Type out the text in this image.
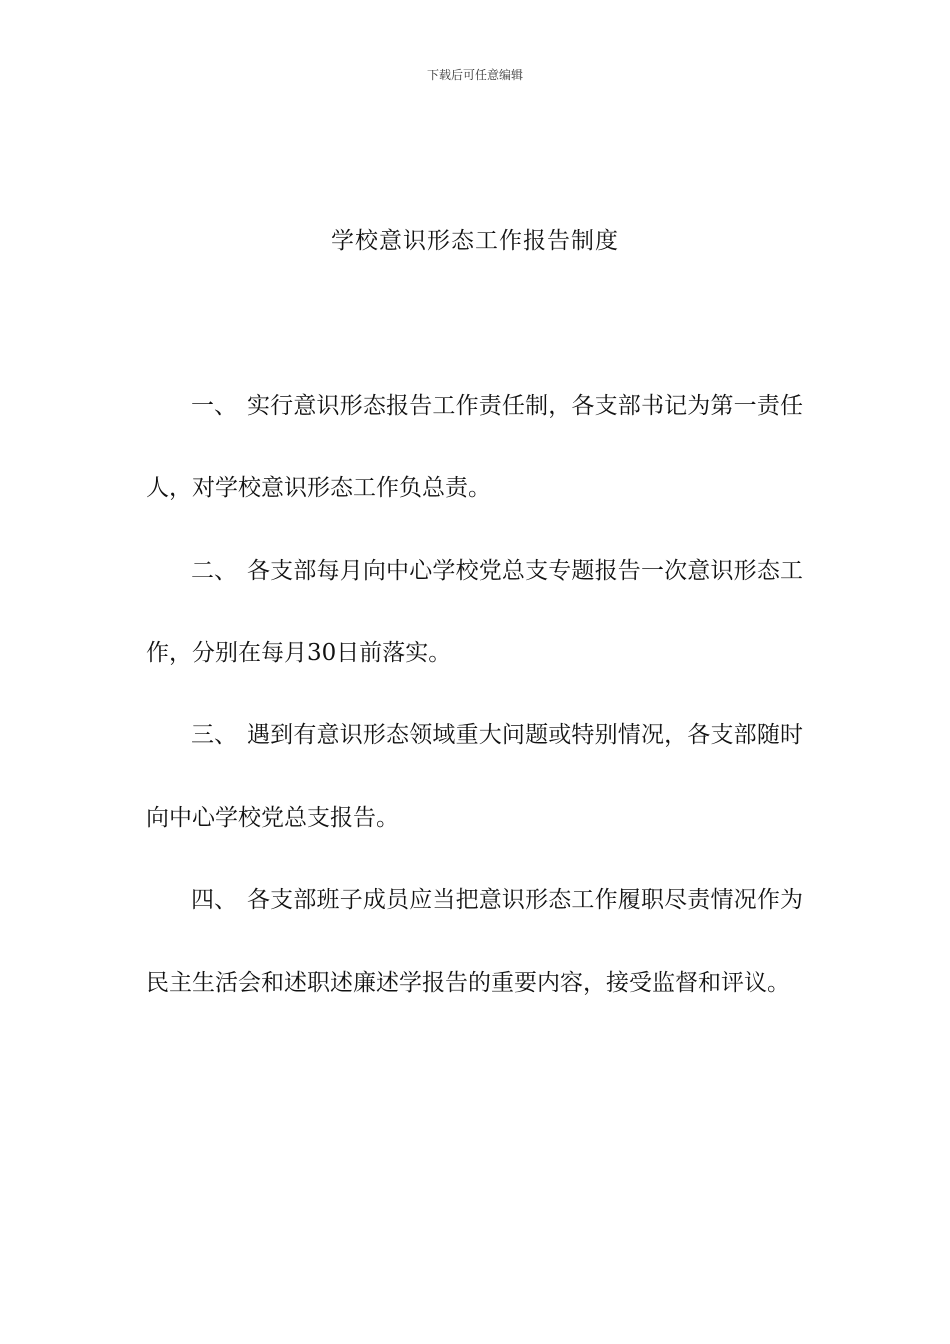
下载后可任意编辑
学校意识形态工作报告制度
一、 实行意识形态报告工作责任制，各支部书记为第一责任
人，对学校意识形态工作负总责。
二、 各支部每月向中心学校党总支专题报告一次意识形态工
作，分别在每月30日前落实。
三、 遇到有意识形态领域重大问题或特别情况，各支部随时
向中心学校党总支报告。
四、 各支部班子成员应当把意识形态工作履职尽责情况作为
民主生活会和述职述廉述学报告的重要内容，接受监督和评议。
